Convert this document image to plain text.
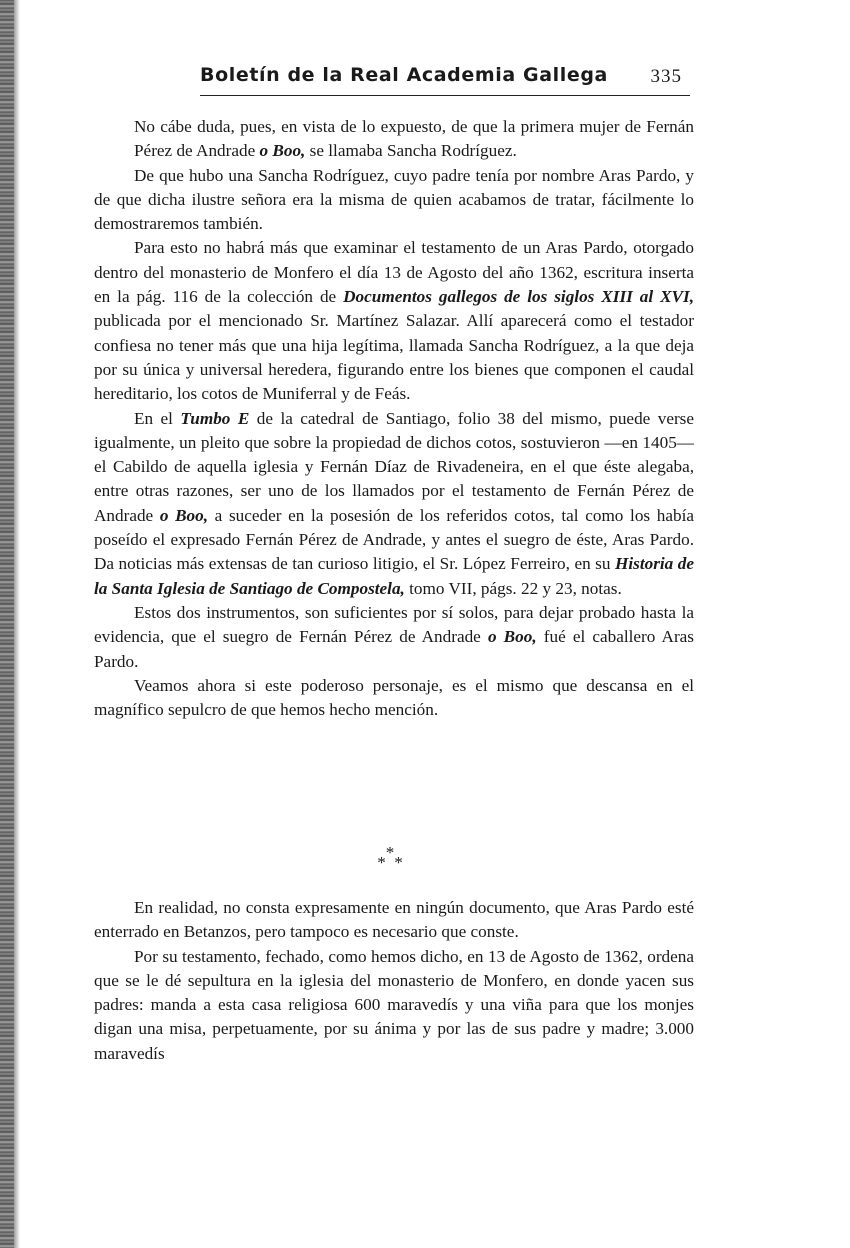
Boletín de la Real Academia Gallega 335

No cábe duda, pues, en vista de lo expuesto, de que la primera mujer de Fernán Pérez de Andrade o Boo, se llamaba Sancha Rodríguez.

De que hubo una Sancha Rodríguez, cuyo padre tenía por nombre Aras Pardo, y de que dicha ilustre señora era la misma de quien acabamos de tratar, fácilmente lo demostraremos también.

Para esto no habrá más que examinar el testamento de un Aras Pardo, otorgado dentro del monasterio de Monfero el día 13 de Agosto del año 1362, escritura inserta en la pág. 116 de la colección de Documentos gallegos de los siglos XIII al XVI, publicada por el mencionado Sr. Martínez Salazar. Allí aparecerá como el testador confiesa no tener más que una hija legítima, llamada Sancha Rodríguez, a la que deja por su única y universal heredera, figurando entre los bienes que componen el caudal hereditario, los cotos de Muniferral y de Feás.

En el Tumbo E de la catedral de Santiago, folio 38 del mismo, puede verse igualmente, un pleito que sobre la propiedad de dichos cotos, sostuvieron —en 1405— el Cabildo de aquella iglesia y Fernán Díaz de Rivadeneira, en el que éste alegaba, entre otras razones, ser uno de los llamados por el testamento de Fernán Pérez de Andrade o Boo, a suceder en la posesión de los referidos cotos, tal como los había poseído el expresado Fernán Pérez de Andrade, y antes el suegro de éste, Aras Pardo. Da noticias más extensas de tan curioso litigio, el Sr. López Ferreiro, en su Historia de la Santa Iglesia de Santiago de Compostela, tomo VII, págs. 22 y 23, notas.

Estos dos instrumentos, son suficientes por sí solos, para dejar probado hasta la evidencia, que el suegro de Fernán Pérez de Andrade o Boo, fué el caballero Aras Pardo.

Veamos ahora si este poderoso personaje, es el mismo que descansa en el magnífico sepulcro de que hemos hecho mención.

*
* *

En realidad, no consta expresamente en ningún documento, que Aras Pardo esté enterrado en Betanzos, pero tampoco es necesario que conste.

Por su testamento, fechado, como hemos dicho, en 13 de Agosto de 1362, ordena que se le dé sepultura en la iglesia del monasterio de Monfero, en donde yacen sus padres: manda a esta casa religiosa 600 maravedís y una viña para que los monjes digan una misa, perpetuamente, por su ánima y por las de sus padre y madre; 3.000 maravedís
